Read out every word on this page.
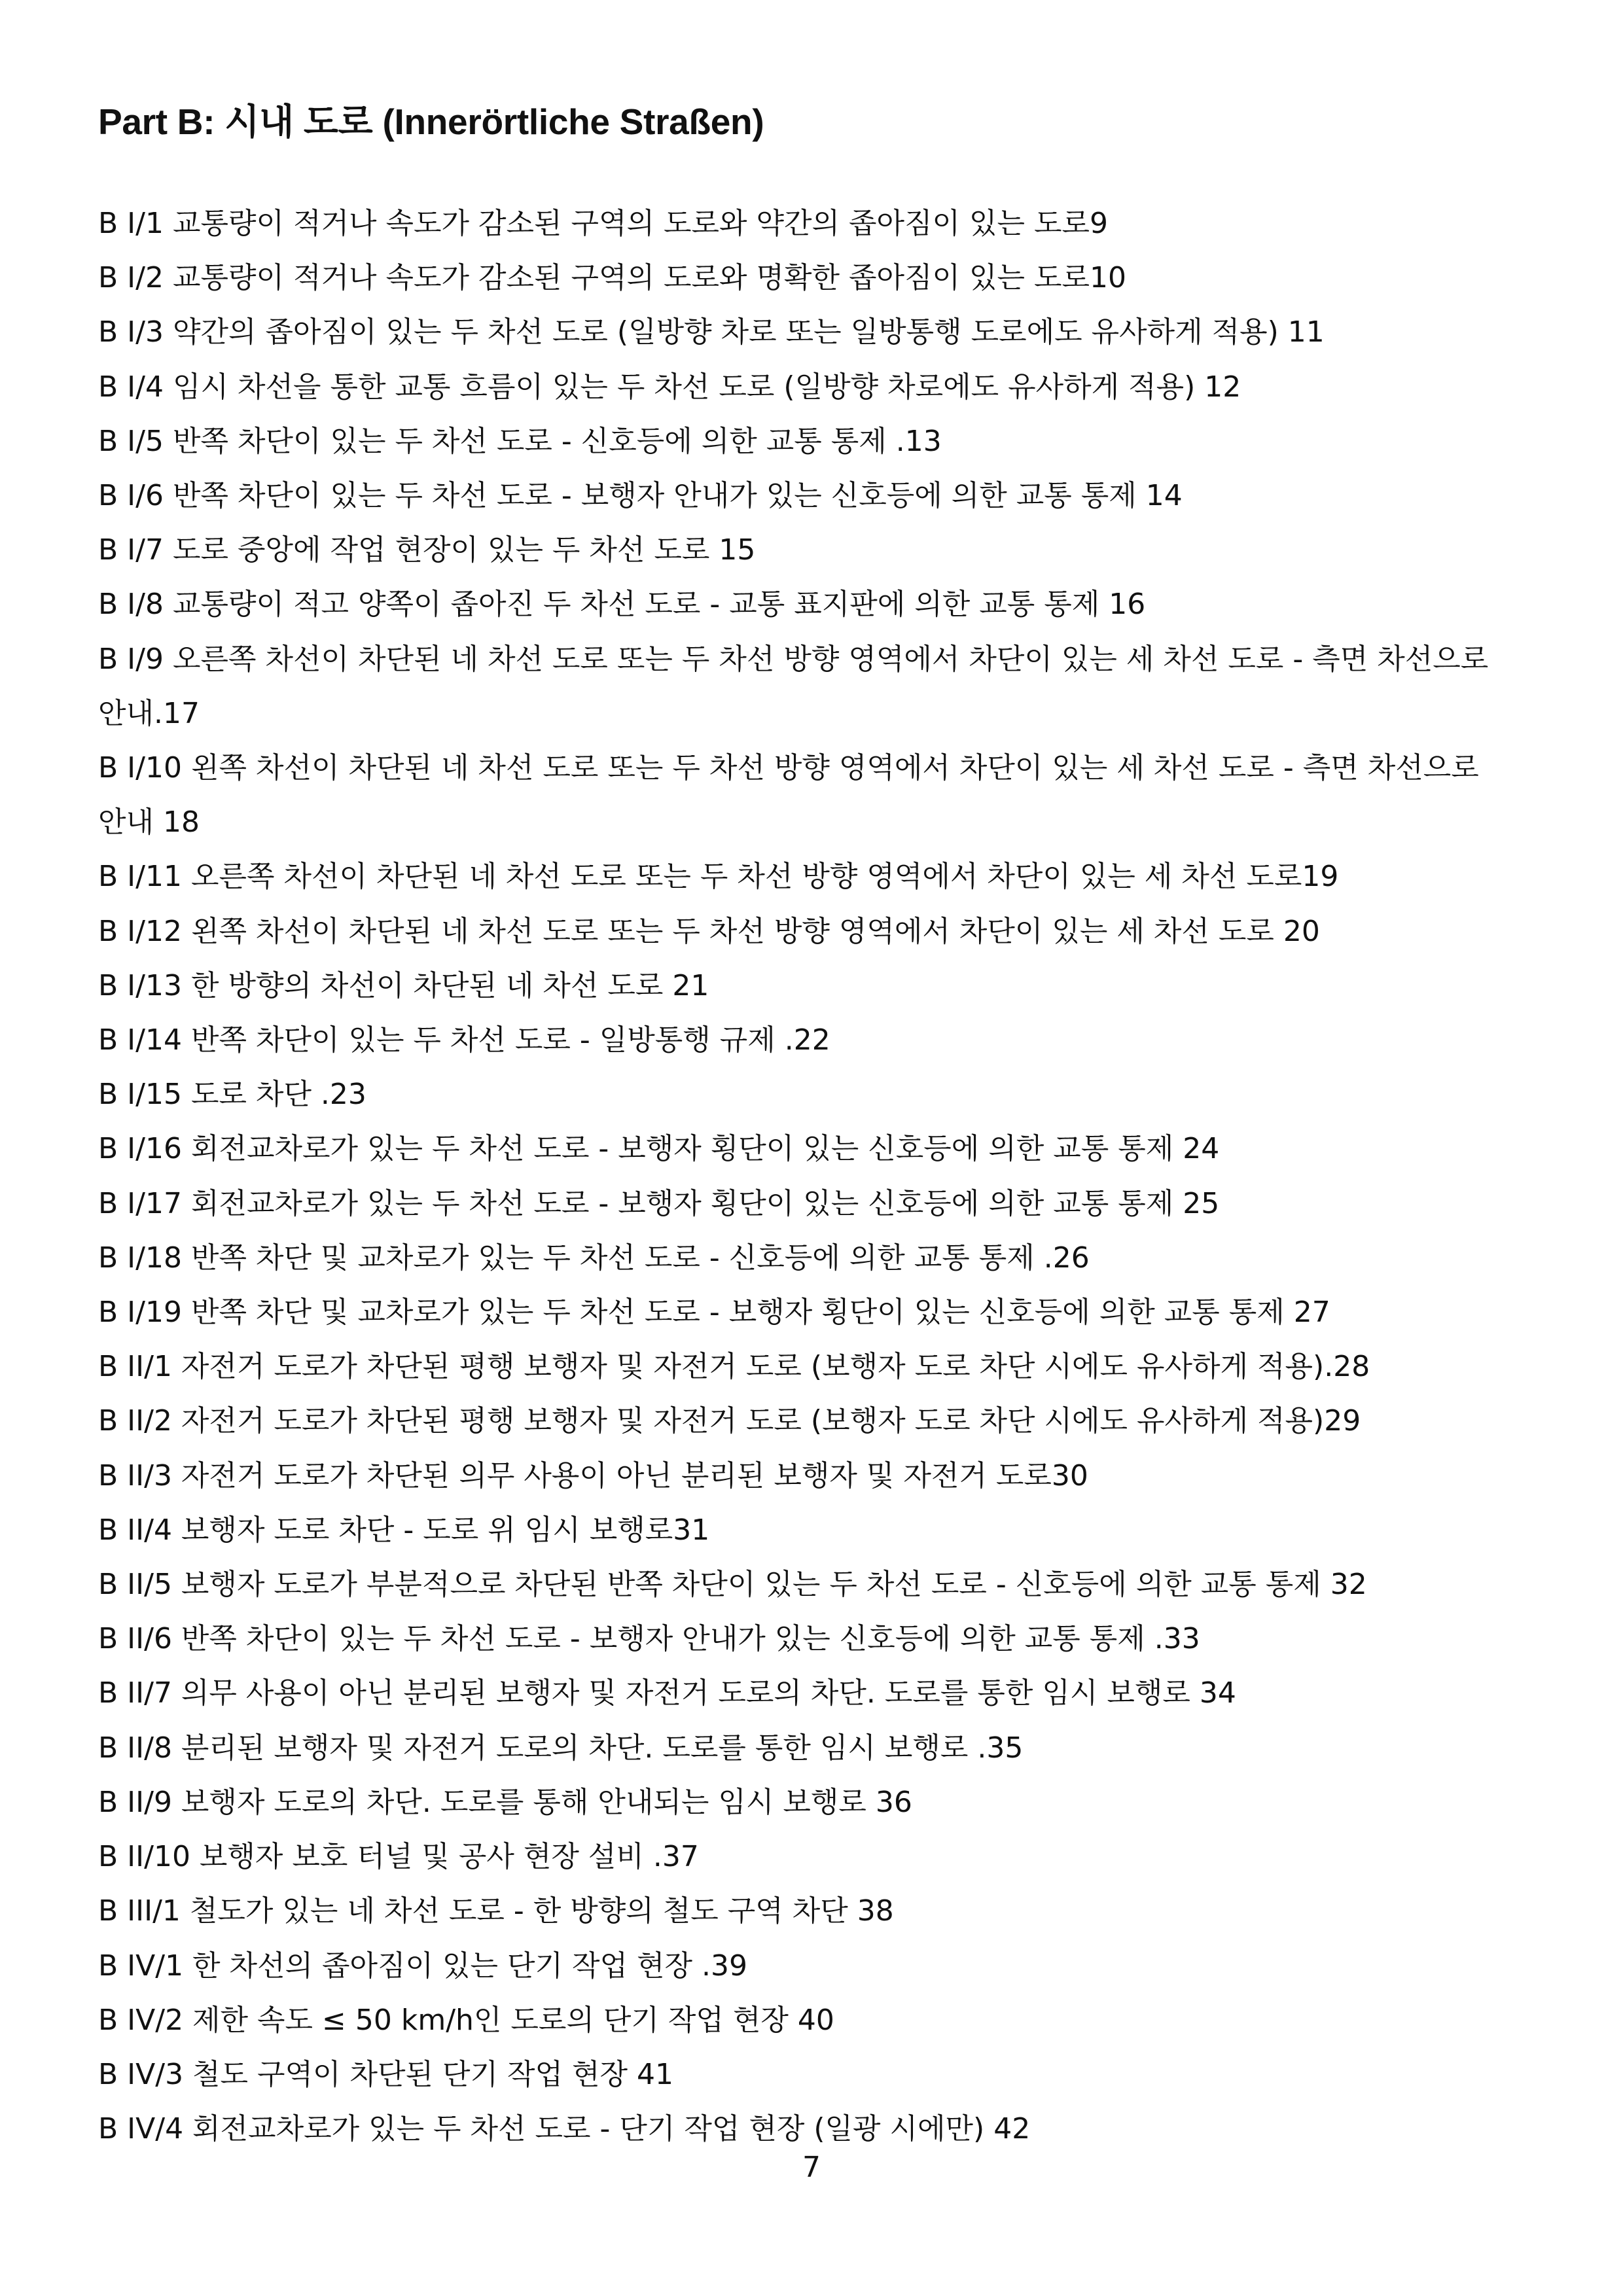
Part B: 시내 도로 (Innerörtliche Straßen)
B I/1 교통량이 적거나 속도가 감소된 구역의 도로와 약간의 좁아짐이 있는 도로9
B I/2 교통량이 적거나 속도가 감소된 구역의 도로와 명확한 좁아짐이 있는 도로10
B I/3 약간의 좁아짐이 있는 두 차선 도로 (일방향 차로 또는 일방통행 도로에도 유사하게 적용) 11
B I/4 임시 차선을 통한 교통 흐름이 있는 두 차선 도로 (일방향 차로에도 유사하게 적용) 12
B I/5 반쪽 차단이 있는 두 차선 도로 - 신호등에 의한 교통 통제 .13
B I/6 반쪽 차단이 있는 두 차선 도로 - 보행자 안내가 있는 신호등에 의한 교통 통제 14
B I/7 도로 중앙에 작업 현장이 있는 두 차선 도로 15
B I/8 교통량이 적고 양쪽이 좁아진 두 차선 도로 - 교통 표지판에 의한 교통 통제 16
B I/9 오른쪽 차선이 차단된 네 차선 도로 또는 두 차선 방향 영역에서 차단이 있는 세 차선 도로 - 측면 차선으로 안내.17
B I/10 왼쪽 차선이 차단된 네 차선 도로 또는 두 차선 방향 영역에서 차단이 있는 세 차선 도로 - 측면 차선으로 안내 18
B I/11 오른쪽 차선이 차단된 네 차선 도로 또는 두 차선 방향 영역에서 차단이 있는 세 차선 도로19
B I/12 왼쪽 차선이 차단된 네 차선 도로 또는 두 차선 방향 영역에서 차단이 있는 세 차선 도로 20
B I/13 한 방향의 차선이 차단된 네 차선 도로 21
B I/14 반쪽 차단이 있는 두 차선 도로 - 일방통행 규제 .22
B I/15 도로 차단 .23
B I/16 회전교차로가 있는 두 차선 도로 - 보행자 횡단이 있는 신호등에 의한 교통 통제 24
B I/17 회전교차로가 있는 두 차선 도로 - 보행자 횡단이 있는 신호등에 의한 교통 통제 25
B I/18 반쪽 차단 및 교차로가 있는 두 차선 도로 - 신호등에 의한 교통 통제 .26
B I/19 반쪽 차단 및 교차로가 있는 두 차선 도로 - 보행자 횡단이 있는 신호등에 의한 교통 통제 27
B II/1 자전거 도로가 차단된 평행 보행자 및 자전거 도로 (보행자 도로 차단 시에도 유사하게 적용).28
B II/2 자전거 도로가 차단된 평행 보행자 및 자전거 도로 (보행자 도로 차단 시에도 유사하게 적용)29
B II/3 자전거 도로가 차단된 의무 사용이 아닌 분리된 보행자 및 자전거 도로30
B II/4 보행자 도로 차단 - 도로 위 임시 보행로31
B II/5 보행자 도로가 부분적으로 차단된 반쪽 차단이 있는 두 차선 도로 - 신호등에 의한 교통 통제 32
B II/6 반쪽 차단이 있는 두 차선 도로 - 보행자 안내가 있는 신호등에 의한 교통 통제 .33
B II/7 의무 사용이 아닌 분리된 보행자 및 자전거 도로의 차단. 도로를 통한 임시 보행로 34
B II/8 분리된 보행자 및 자전거 도로의 차단. 도로를 통한 임시 보행로 .35
B II/9 보행자 도로의 차단. 도로를 통해 안내되는 임시 보행로 36
B II/10 보행자 보호 터널 및 공사 현장 설비 .37
B III/1 철도가 있는 네 차선 도로 - 한 방향의 철도 구역 차단 38
B IV/1 한 차선의 좁아짐이 있는 단기 작업 현장 .39
B IV/2 제한 속도 ≤ 50 km/h인 도로의 단기 작업 현장 40
B IV/3 철도 구역이 차단된 단기 작업 현장 41
B IV/4 회전교차로가 있는 두 차선 도로 - 단기 작업 현장 (일광 시에만) 42
7
